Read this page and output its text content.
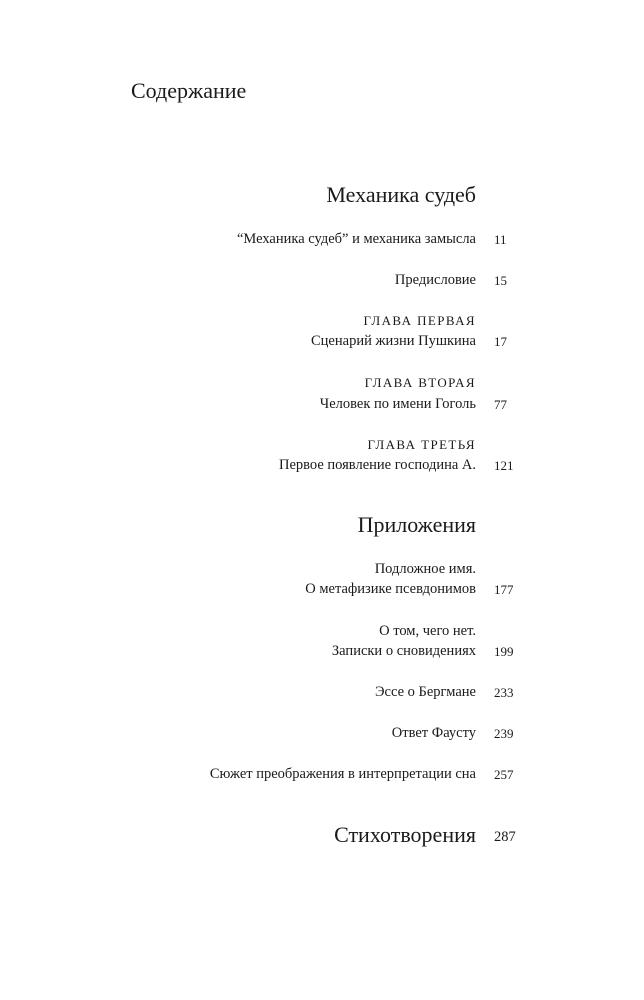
Содержание
Механика судеб
“Механика судеб” и механика замысла 11
Предисловие 15
ГЛАВА ПЕРВАЯ
Сценарий жизни Пушкина 17
ГЛАВА ВТОРАЯ
Человек по имени Гоголь 77
ГЛАВА ТРЕТЬЯ
Первое появление господина А. 121
Приложения
Подложное имя.
О метафизике псевдонимов 177
О том, чего нет.
Записки о сновидениях 199
Эссе о Бергмане 233
Ответ Фаусту 239
Сюжет преображения в интерпретации сна 257
Стихотворения 287
